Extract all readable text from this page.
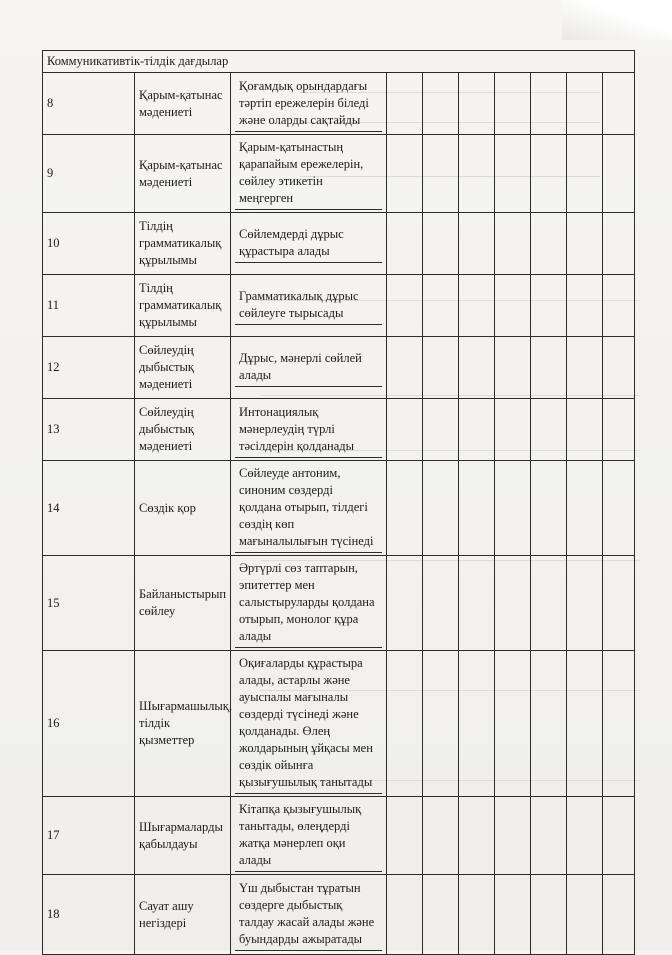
Коммуникативтік-тілдік дағдылар									
8	Қарым-қатынас мәдениеті	Қоғамдық орындардағы тәртіп ережелерін біледі және оларды сақтайды							

9	Қарым-қатынас мәдениеті	Қарым-қатынастың қарапайым ережелерін, сөйлеу этикетін меңгерген							

10	Тілдің грамматикалық құрылымы	Сөйлемдерді дұрыс құрастыра алады							

11	Тілдің грамматикалық құрылымы	Грамматикалық дұрыс сөйлеуге тырысады							

12	Сөйлеудің дыбыстық мәдениеті	Дұрыс, мәнерлі сөйлей алады							

13	Сөйлеудің дыбыстық мәдениеті	Интонациялық мәнерлеудің түрлі тәсілдерін қолданады							

14	Сөздік қор	Сөйлеуде антоним, синоним сөздерді қолдана отырып, тілдегі сөздің көп мағыналылығын түсінеді							

15	Байланыстырып сөйлеу	Әртүрлі сөз таптарын, эпитеттер мен салыстыруларды қолдана отырып, монолог құра алады							

16	Шығармашылық, тілдік қызметтер	Оқиғаларды құрастыра алады, астарлы және ауыспалы мағыналы сөздерді түсінеді және қолданады. Өлең жолдарының ұйқасы мен сөздік ойынға қызығушылық танытады							

17	Шығармаларды қабылдауы	Кітапқа қызығушылық танытады, өлеңдерді жатқа мәнерлеп оқи алады							

18	Сауат ашу негіздері	Үш дыбыстан тұратын сөздерге дыбыстық талдау жасай алады және буындарды ажыратады							
